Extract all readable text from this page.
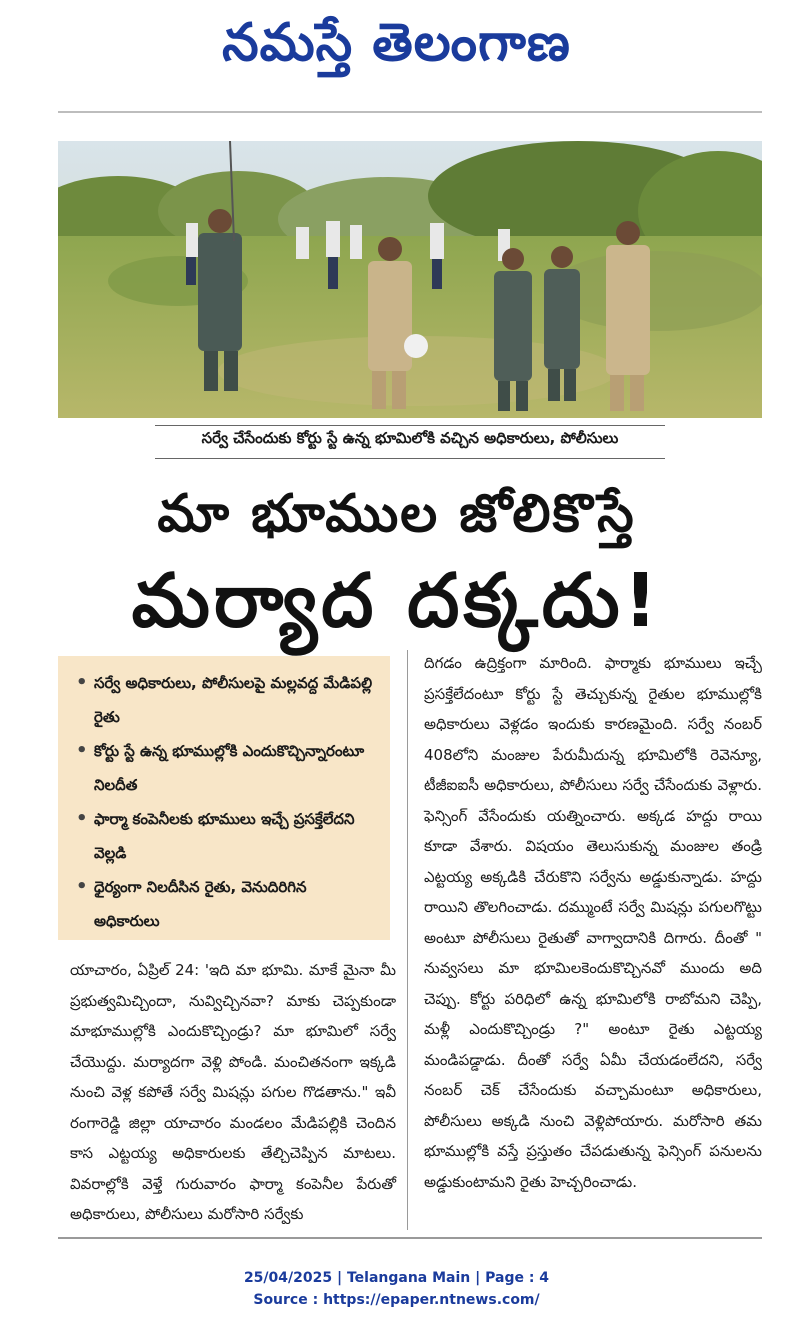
నమస్తే తెలంగాణ
సర్వే చేసేందుకు కోర్టు స్టే ఉన్న భూమిలోకి వచ్చిన అధికారులు, పోలీసులు
మా భూముల జోలికొస్తే
మర్యాద దక్కదు!
• సర్వే అధికారులు, పోలీసులపై మల్లవద్ద మేడిపల్లి రైతు
• కోర్టు స్టే ఉన్న భూముల్లోకి ఎందుకొచ్చిన్నారంటూ నిలదీత
• ఫార్మా కంపెనీలకు భూములు ఇచ్చే ప్రసక్తేలేదని వెల్లడి
• ధైర్యంగా నిలదీసిన రైతు, వెనుదిరిగిన అధికారులు

యాచారం, ఏప్రిల్ 24: 'ఇది మా భూమి. మాకే మైనా మీ ప్రభుత్వమిచ్చిందా, నువ్విచ్చినవా? మాకు చెప్పకుండా మాభూముల్లోకి ఎందుకొచ్చిండ్రు? మా భూమిలో సర్వే చేయొద్దు. మర్యాదగా వెళ్లి పోండి. మంచితనంగా ఇక్కడి నుంచి వెళ్ల కపోతే సర్వే మిషన్లు పగుల గొడతాను." ఇవీ రంగారెడ్డి జిల్లా యాచారం మండలం మేడిపల్లికి చెందిన కాస ఎట్టయ్య అధికారులకు తేల్చిచెప్పిన మాటలు. వివరాల్లోకి వెళ్తే గురువారం ఫార్మా కంపెనీల పేరుతో అధికారులు, పోలీసులు మరోసారి సర్వేకు

దిగడం ఉద్రిక్తంగా మారింది. ఫార్మాకు భూములు ఇచ్చే ప్రసక్తేలేదంటూ కోర్టు స్టే తెచ్చుకున్న రైతుల భూముల్లోకి అధికారులు వెళ్లడం ఇందుకు కారణమైంది. సర్వే నంబర్ 408లోని మంజుల పేరుమీదున్న భూమిలోకి రెవెన్యూ, టీజీఐఐసీ అధికారులు, పోలీసులు సర్వే చేసేందుకు వెళ్లారు. ఫెన్సింగ్ వేసేందుకు యత్నించారు. అక్కడ హద్దు రాయి కూడా వేశారు. విషయం తెలుసుకున్న మంజుల తండ్రి ఎట్టయ్య అక్కడికి చేరుకొని సర్వేను అడ్డుకున్నాడు. హద్దు రాయిని తొలగించాడు. దమ్ముంటే సర్వే మిషన్లు పగులగొట్టు అంటూ పోలీసులు రైతుతో వాగ్వాదానికి దిగారు. దీంతో " నువ్వసలు మా భూమిలకెందుకొచ్చినవో ముందు అది చెప్పు. కోర్టు పరిధిలో ఉన్న భూమిలోకి రాబోమని చెప్పి, మళ్లీ ఎందుకొచ్చిండ్రు ?" అంటూ రైతు ఎట్టయ్య మండిపడ్డాడు. దీంతో సర్వే ఏమీ చేయడంలేదని, సర్వే నంబర్ చెక్ చేసేందుకు వచ్చామంటూ అధికారులు, పోలీసులు అక్కడి నుంచి వెళ్లిపోయారు. మరోసారి తమ భూముల్లోకి వస్తే ప్రస్తుతం చేపడుతున్న ఫెన్సింగ్ పనులను అడ్డుకుంటామని రైతు హెచ్చరించాడు.

25/04/2025 | Telangana Main | Page : 4
Source : https://epaper.ntnews.com/
